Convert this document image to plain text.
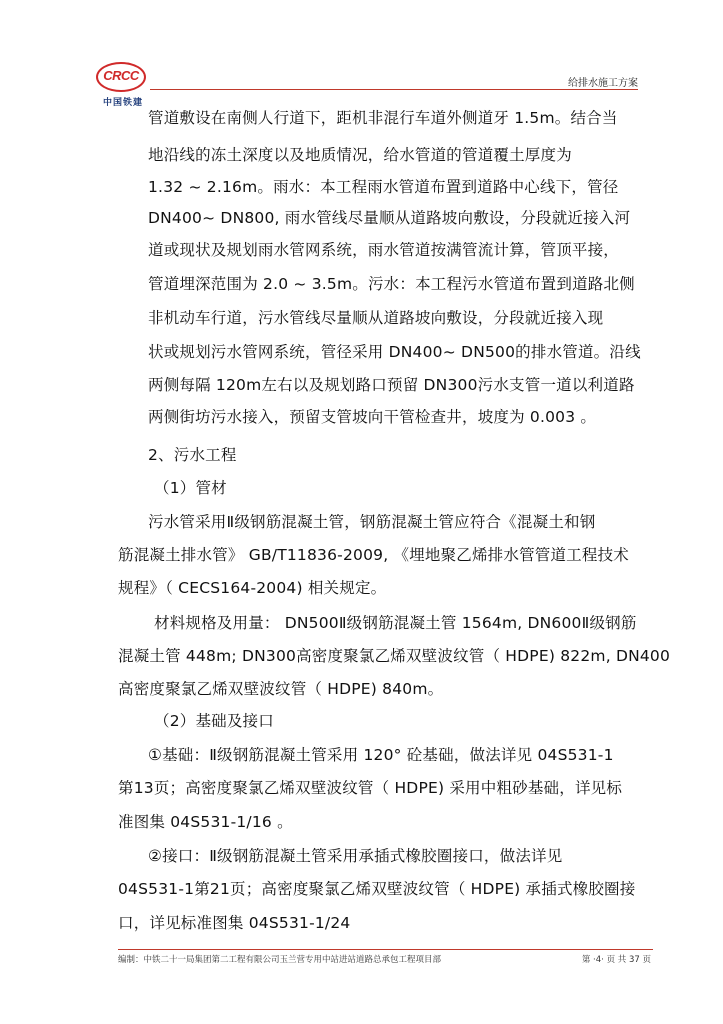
CRCC
中国铁建
给排水施工方案
管道敷设在南侧人行道下，距机非混行车道外侧道牙 1.5m。结合当
地沿线的冻土深度以及地质情况，给水管道的管道覆土厚度为
1.32 ~ 2.16m。雨水：本工程雨水管道布置到道路中心线下，管径
DN400~ DN800, 雨水管线尽量顺从道路坡向敷设，分段就近接入河
道或现状及规划雨水管网系统，雨水管道按满管流计算，管顶平接，
管道埋深范围为 2.0 ~ 3.5m。污水：本工程污水管道布置到道路北侧
非机动车行道，污水管线尽量顺从道路坡向敷设，分段就近接入现
状或规划污水管网系统，管径采用 DN400~ DN500的排水管道。沿线
两侧每隔 120m左右以及规划路口预留 DN300污水支管一道以利道路
两侧街坊污水接入，预留支管坡向干管检查井，坡度为 0.003 。
2、污水工程
（1）管材
污水管采用Ⅱ级钢筋混凝土管，钢筋混凝土管应符合《混凝土和钢
筋混凝土排水管》 GB/T11836-2009, 《埋地聚乙烯排水管管道工程技术
规程》（ CECS164-2004) 相关规定。
材料规格及用量： DN500Ⅱ级钢筋混凝土管 1564m, DN600Ⅱ级钢筋
混凝土管 448m; DN300高密度聚氯乙烯双壁波纹管（ HDPE) 822m, DN400
高密度聚氯乙烯双壁波纹管（ HDPE) 840m。
（2）基础及接口
①基础：Ⅱ级钢筋混凝土管采用 120° 砼基础，做法详见 04S531-1
第13页；高密度聚氯乙烯双壁波纹管（ HDPE) 采用中粗砂基础，详见标
准图集 04S531-1/16 。
②接口：Ⅱ级钢筋混凝土管采用承插式橡胶圈接口，做法详见
04S531-1第21页；高密度聚氯乙烯双壁波纹管（ HDPE) 承插式橡胶圈接
口，详见标准图集 04S531-1/24
编制：中铁二十一局集团第二工程有限公司玉兰营专用中站进站道路总承包工程项目部	第 ·4· 页 共 37 页
